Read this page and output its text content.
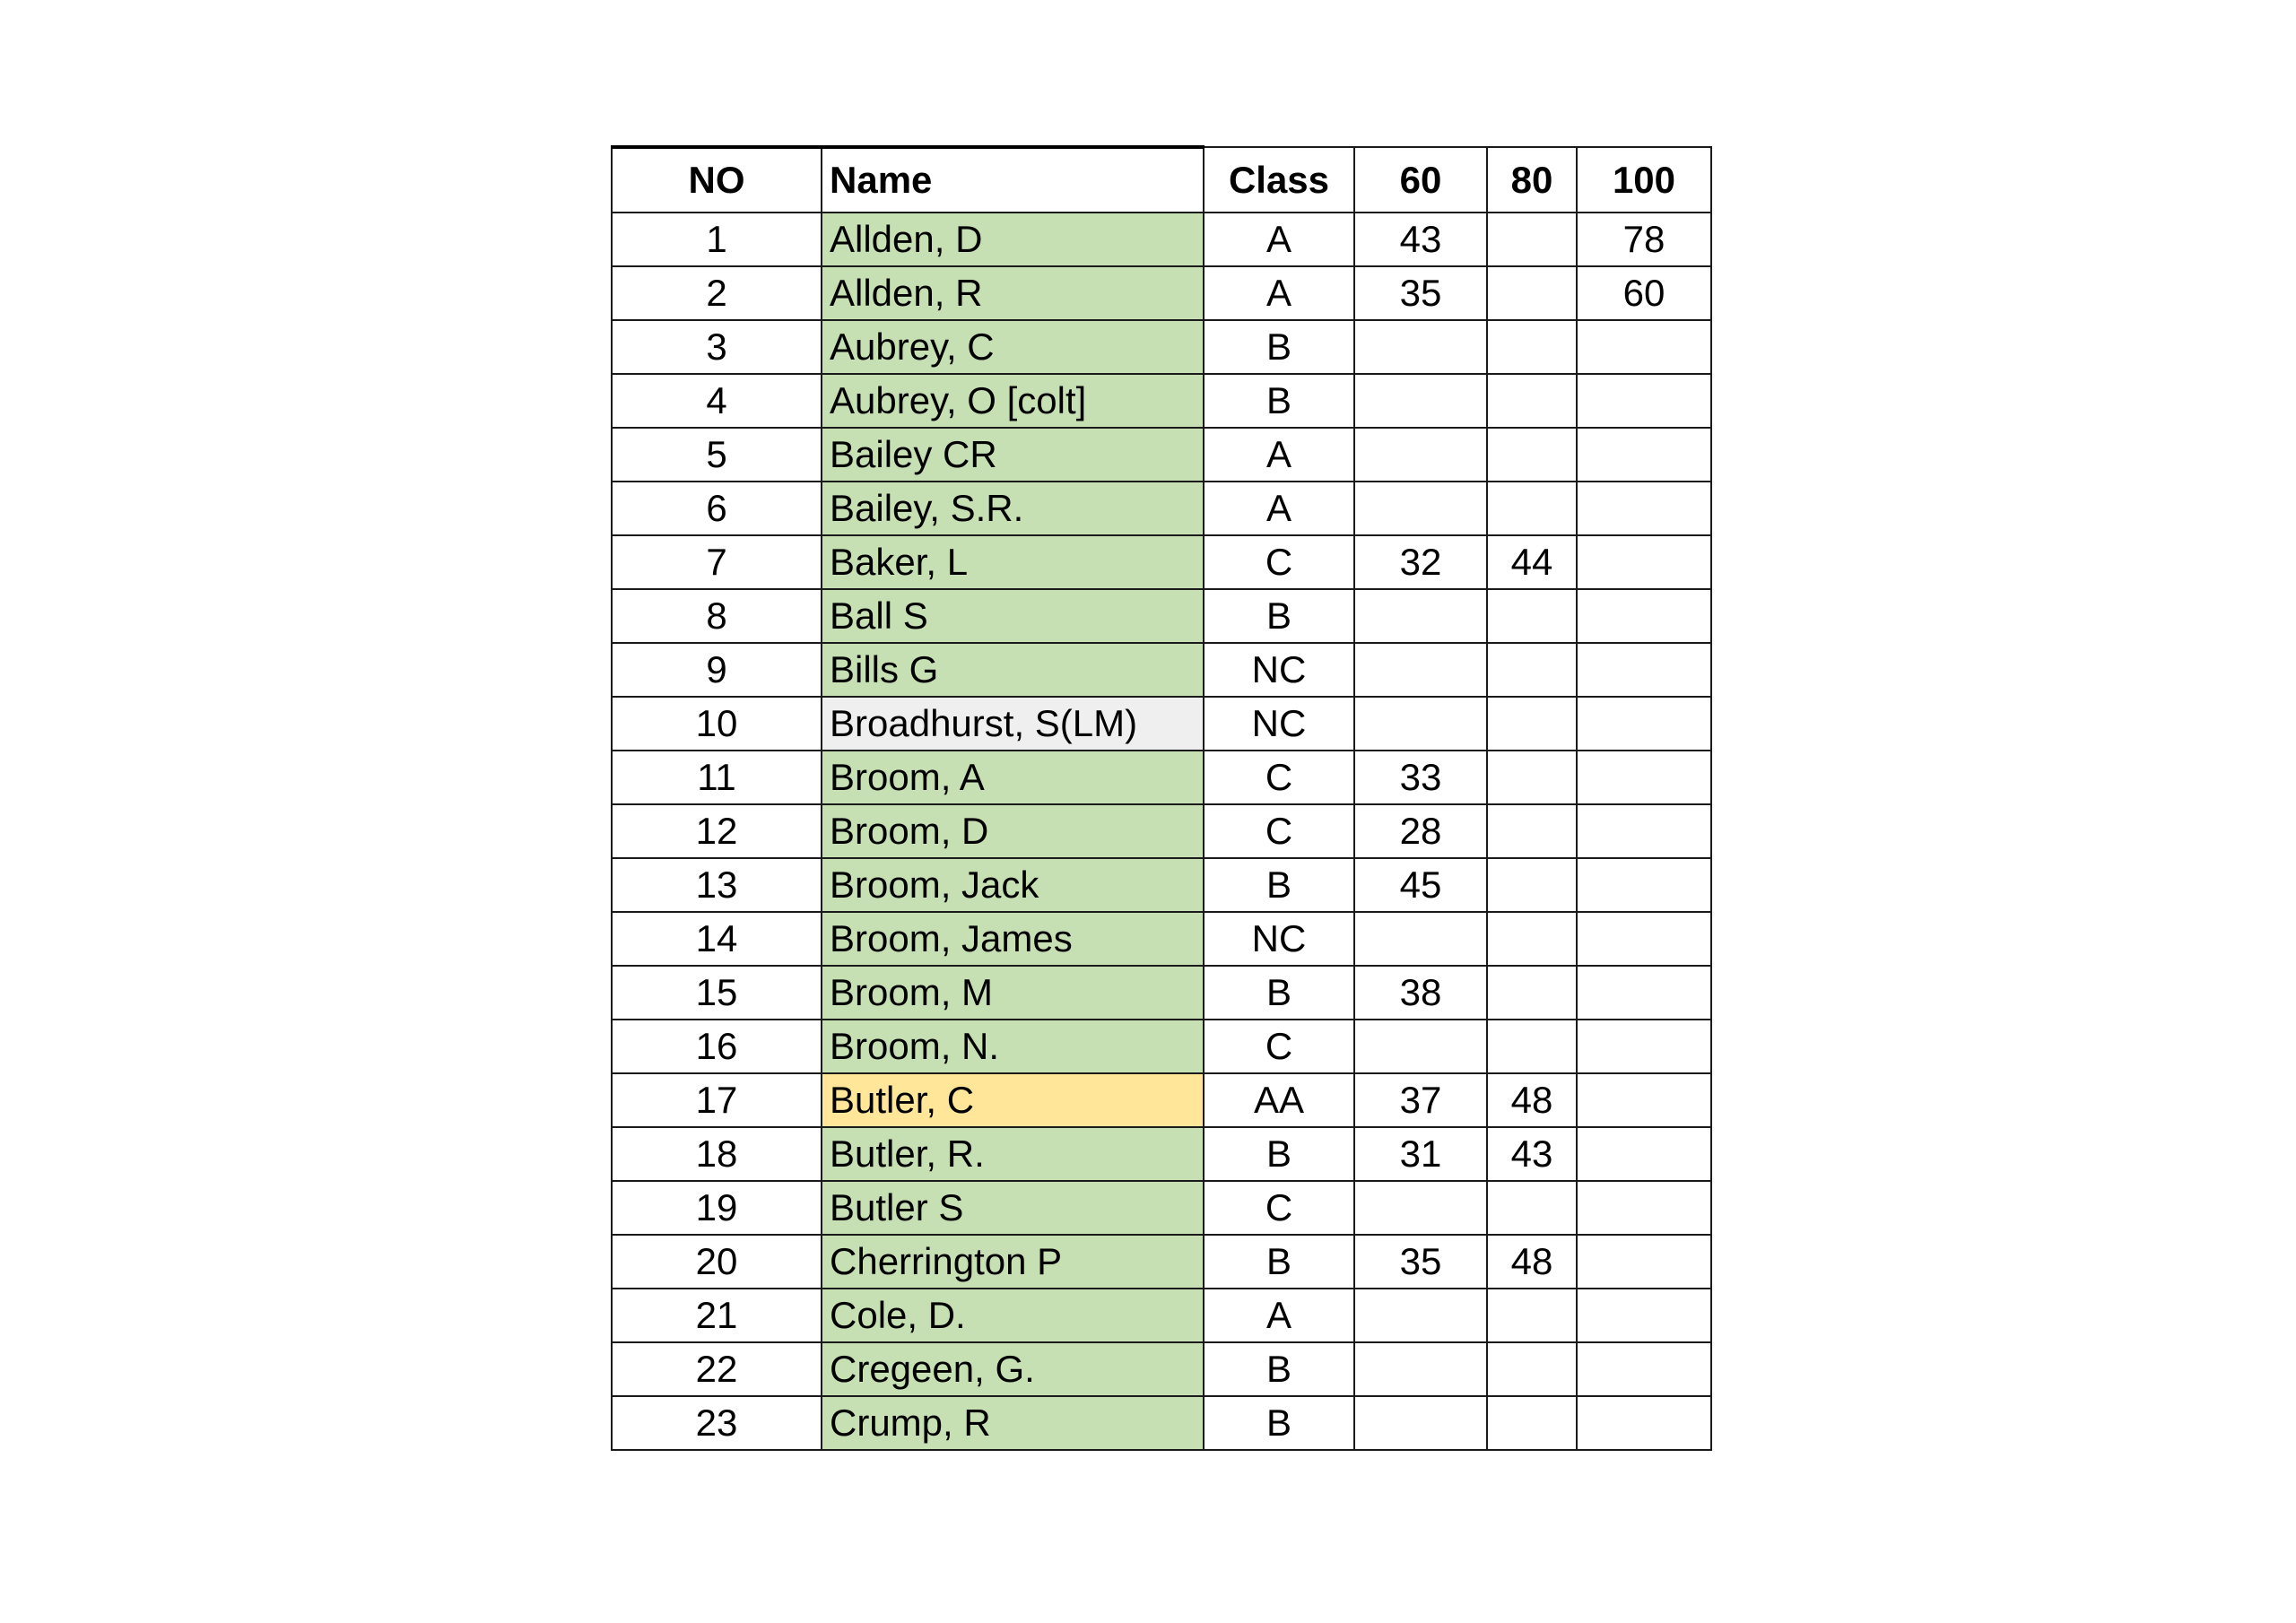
NO	Name	Class	60	80	100
1	Allden, D	A	43		78
2	Allden, R	A	35		60
3	Aubrey, C	B			
4	Aubrey, O [colt]	B			
5	Bailey CR	A			
6	Bailey, S.R.	A			
7	Baker, L	C	32	44	
8	Ball S	B			
9	Bills G	NC			
10	Broadhurst, S(LM)	NC			
11	Broom, A	C	33		
12	Broom, D	C	28		
13	Broom, Jack	B	45		
14	Broom, James	NC			
15	Broom, M	B	38		
16	Broom, N.	C			
17	Butler, C	AA	37	48	
18	Butler, R.	B	31	43	
19	Butler S	C			
20	Cherrington P	B	35	48	
21	Cole, D.	A			
22	Cregeen, G.	B			
23	Crump, R	B			
